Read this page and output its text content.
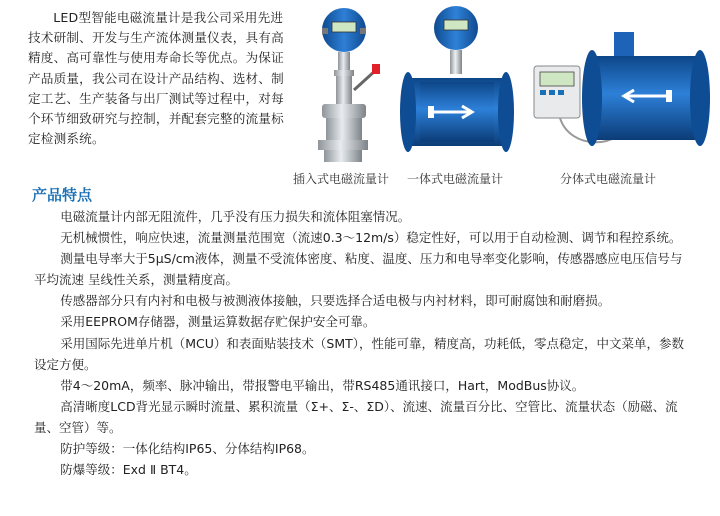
LED型智能电磁流量计是我公司采用先进技术研制、开发与生产流体测量仪表，具有高精度、高可靠性与使用寿命长等优点。为保证产品质量，我公司在设计产品结构、选材、制定工艺、生产装备与出厂测试等过程中，对每个环节细致研究与控制，并配套完整的流量标定检测系统。

插入式电磁流量计 一体式电磁流量计	分体式电磁流量计
产品特点

电磁流量计内部无阻流件，几乎没有压力损失和流体阻塞情况。

无机械惯性，响应快速，流量测量范围宽（流速0.3～12m/s）稳定性好，可以用于自动检测、调节和程控系统。

测量电导率大于5μS/cm液体，测量不受流体密度、粘度、温度、压力和电导率变化影响，传感器感应电压信号与平均流速 呈线性关系，测量精度高。

传感器部分只有内衬和电极与被测液体接触，只要选择合适电极与内衬材料，即可耐腐蚀和耐磨损。

采用EEPROM存储器，测量运算数据存贮保护安全可靠。

采用国际先进单片机（MCU）和表面贴装技术（SMT），性能可靠，精度高，功耗低，零点稳定，中文菜单，参数设定方便。

带4～20mA，频率、脉冲输出，带报警电平输出，带RS485通讯接口，Hart，ModBus协议。

高清晰度LCD背光显示瞬时流量、累积流量（Σ+、Σ-、ΣD）、流速、流量百分比、空管比、流量状态（励磁、流量、空管）等。

防护等级：一体化结构IP65、分体结构IP68。

防爆等级：Exd Ⅱ BT4。
